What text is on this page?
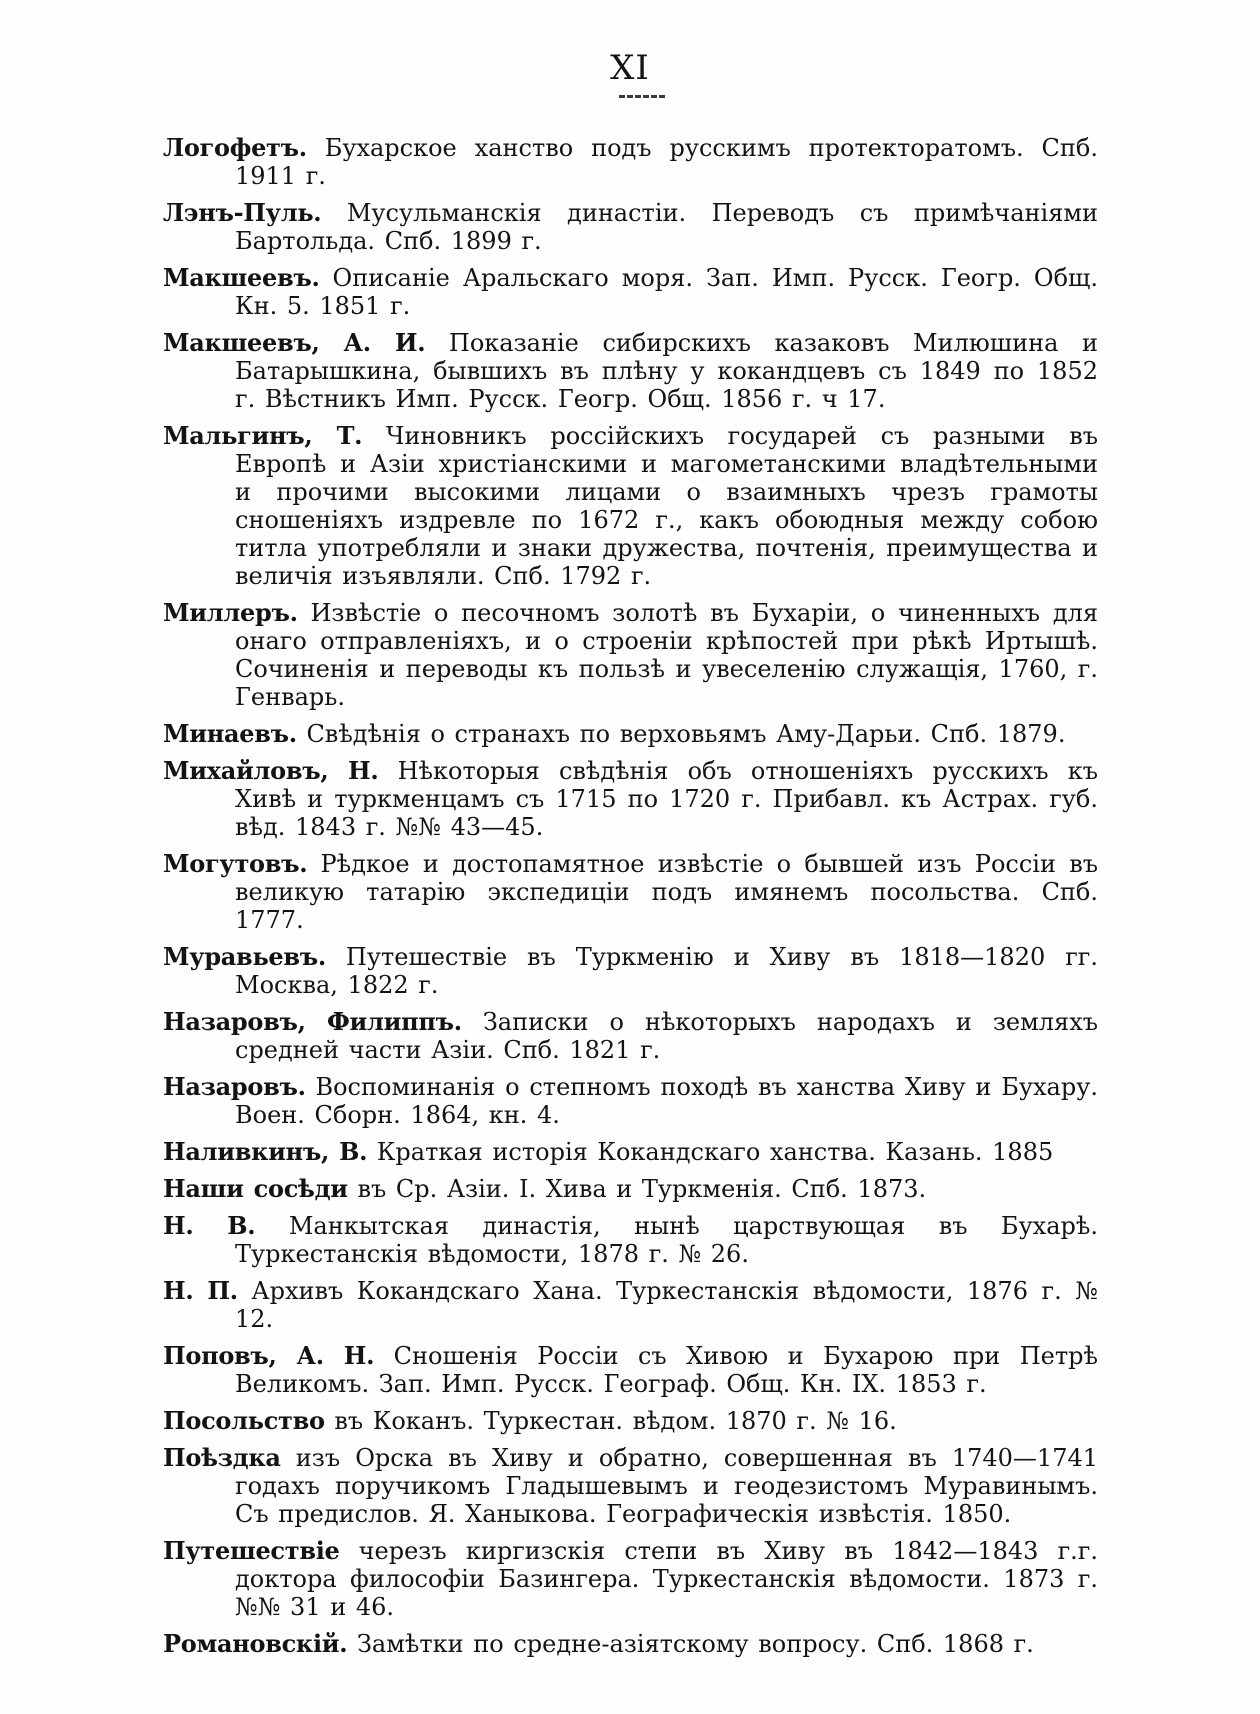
XI

Логофетъ. Бухарское ханство подъ русскимъ протекторатомъ. Спб. 1911 г.

Лэнъ-Пуль. Мусульманскія династіи. Переводъ съ примѣчаніями Бартольда. Спб. 1899 г.

Макшеевъ. Описаніе Аральскаго моря. Зап. Имп. Русск. Геогр. Общ. Кн. 5. 1851 г.

Макшеевъ, А. И. Показаніе сибирскихъ казаковъ Милюшина и Батарышкина, бывшихъ въ плѣну у кокандцевъ съ 1849 по 1852 г. Вѣстникъ Имп. Русск. Геогр. Общ. 1856 г. ч 17.

Мальгинъ, Т. Чиновникъ россійскихъ государей съ разными въ Европѣ и Азіи христіанскими и магометанскими владѣтельными и прочими высокими лицами о взаимныхъ чрезъ грамоты сношеніяхъ издревле по 1672 г., какъ обоюдныя между собою титла употребляли и знаки дружества, почтенія, преимущества и величія изъявляли. Спб. 1792 г.

Миллеръ. Извѣстіе о песочномъ золотѣ въ Бухаріи, о чиненныхъ для онаго отправленіяхъ, и о строеніи крѣпостей при рѣкѣ Иртышѣ. Сочиненія и переводы къ пользѣ и увеселенію служащія, 1760, г. Генварь.

Минаевъ. Свѣдѣнія о странахъ по верховьямъ Аму-Дарьи. Спб. 1879.

Михайловъ, Н. Нѣкоторыя свѣдѣнія объ отношеніяхъ русскихъ къ Хивѣ и туркменцамъ съ 1715 по 1720 г. Прибавл. къ Астрах. губ. вѣд. 1843 г. №№ 43—45.

Могутовъ. Рѣдкое и достопамятное извѣстіе о бывшей изъ Россіи въ великую татарію экспедиціи подъ имянемъ посольства. Спб. 1777.

Муравьевъ. Путешествіе въ Туркменію и Хиву въ 1818—1820 гг. Москва, 1822 г.

Назаровъ, Филиппъ. Записки о нѣкоторыхъ народахъ и земляхъ средней части Азіи. Спб. 1821 г.

Назаровъ. Воспоминанія о степномъ походѣ въ ханства Хиву и Бухару. Воен. Сборн. 1864, кн. 4.

Наливкинъ, В. Краткая исторія Кокандскаго ханства. Казань. 1885

Наши сосѣди въ Ср. Азіи. I. Хива и Туркменія. Спб. 1873.

Н. В. Манкытская династія, нынѣ царствующая въ Бухарѣ. Туркестанскія вѣдомости, 1878 г. № 26.

Н. П. Архивъ Кокандскаго Хана. Туркестанскія вѣдомости, 1876 г. № 12.

Поповъ, А. Н. Сношенія Россіи съ Хивою и Бухарою при Петрѣ Великомъ. Зап. Имп. Русск. Географ. Общ. Кн. IX. 1853 г.

Посольство въ Коканъ. Туркестан. вѣдом. 1870 г. № 16.

Поѣздка изъ Орска въ Хиву и обратно, совершенная въ 1740—1741 годахъ поручикомъ Гладышевымъ и геодезистомъ Муравинымъ. Съ предислов. Я. Ханыкова. Географическія извѣстія. 1850.

Путешествіе черезъ киргизскія степи въ Хиву въ 1842—1843 г.г. доктора философіи Базингера. Туркестанскія вѣдомости. 1873 г. №№ 31 и 46.

Романовскій. Замѣтки по средне-азіятскому вопросу. Спб. 1868 г.
